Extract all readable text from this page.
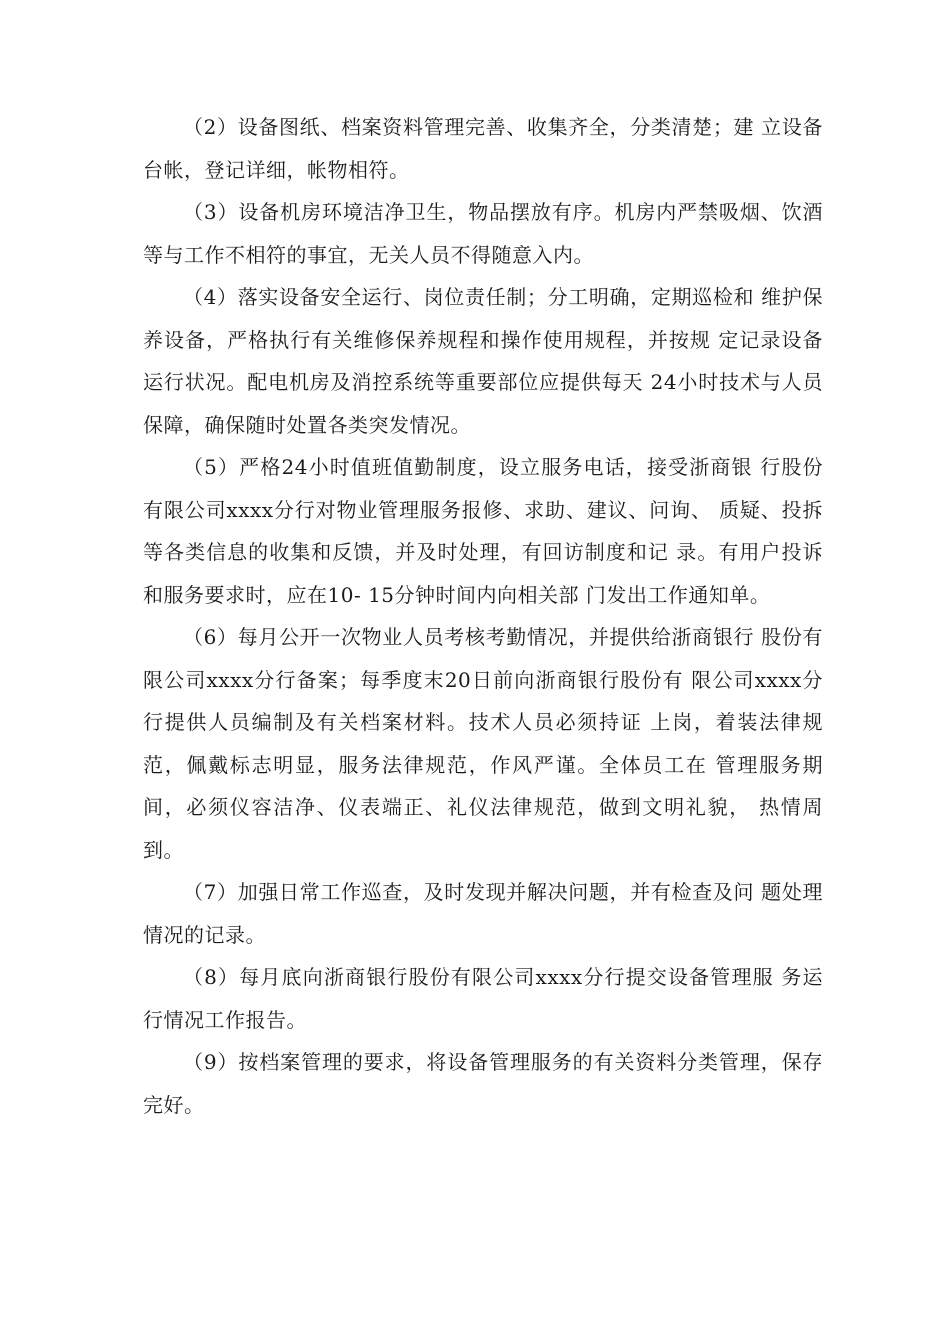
（2）设备图纸、档案资料管理完善、收集齐全，分类清楚；建 立设备台帐，登记详细，帐物相符。

（3）设备机房环境洁净卫生，物品摆放有序。机房内严禁吸烟、饮酒等与工作不相符的事宜，无关人员不得随意入内。

（4）落实设备安全运行、岗位责任制；分工明确，定期巡检和 维护保养设备，严格执行有关维修保养规程和操作使用规程，并按规 定记录设备运行状况。配电机房及消控系统等重要部位应提供每天 24小时技术与人员保障，确保随时处置各类突发情况。

（5）严格24小时值班值勤制度，设立服务电话，接受浙商银 行股份有限公司xxxx分行对物业管理服务报修、求助、建议、问询、 质疑、投拆等各类信息的收集和反馈，并及时处理，有回访制度和记 录。有用户投诉和服务要求时，应在10- 15分钟时间内向相关部 门发出工作通知单。

（6）每月公开一次物业人员考核考勤情况，并提供给浙商银行 股份有限公司xxxx分行备案；每季度末20日前向浙商银行股份有 限公司xxxx分行提供人员编制及有关档案材料。技术人员必须持证 上岗，着装法律规范，佩戴标志明显，服务法律规范，作风严谨。全体员工在 管理服务期间，必须仪容洁净、仪表端正、礼仪法律规范，做到文明礼貌， 热情周到。

（7）加强日常工作巡查，及时发现并解决问题，并有检查及问 题处理情况的记录。

（8）每月底向浙商银行股份有限公司xxxx分行提交设备管理服 务运行情况工作报告。

（9）按档案管理的要求，将设备管理服务的有关资料分类管理，保存完好。
